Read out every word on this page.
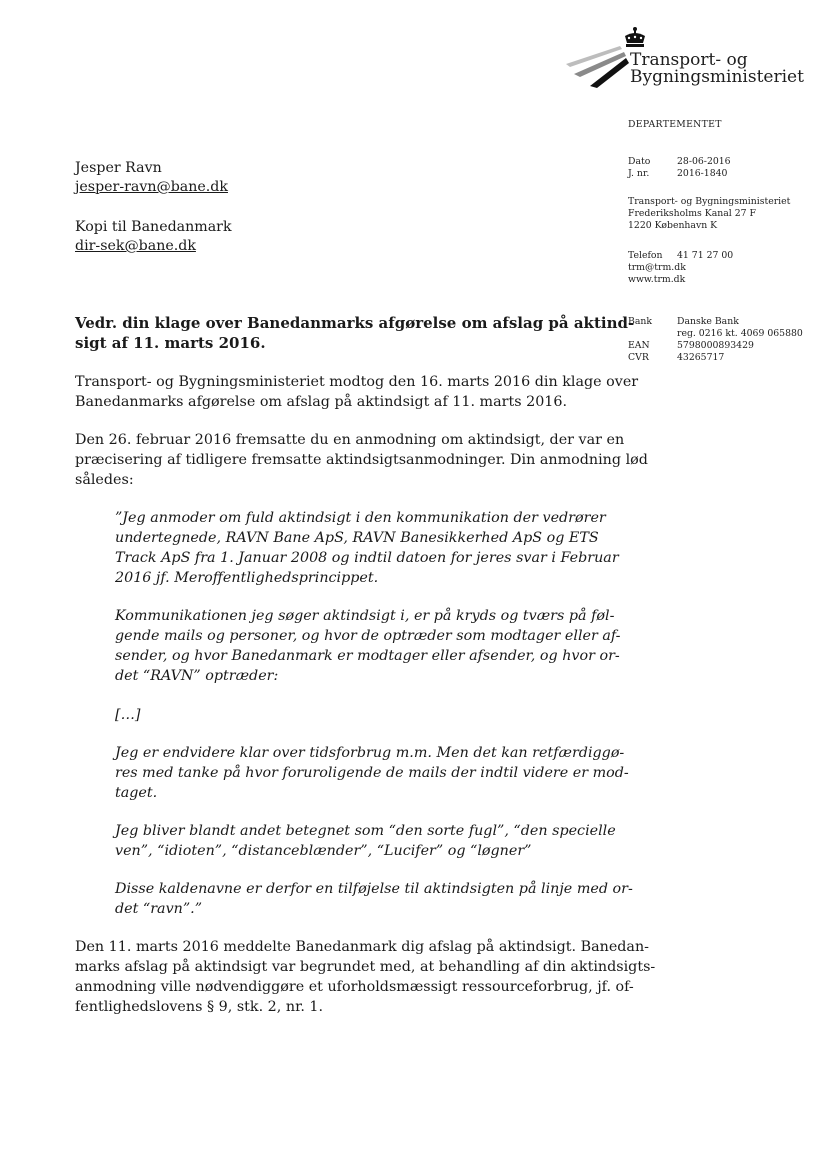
Transport- og
Bygningsministeriet
DEPARTEMENTET
Dato	28-06-2016
J. nr.	2016-1840
Transport- og Bygningsministeriet
Frederiksholms Kanal 27 F
1220 København K
Telefon 41 71 27 00
trm@trm.dk
www.trm.dk
Bank	Danske Bank
reg. 0216 kt. 4069 065880
EAN	5798000893429
CVR	43265717
Jesper Ravn
jesper-ravn@bane.dk
Kopi til Banedanmark
dir-sek@bane.dk
Vedr. din klage over Banedanmarks afgørelse om afslag på aktind-
sigt af 11. marts 2016.
Transport- og Bygningsministeriet modtog den 16. marts 2016 din klage over
Banedanmarks afgørelse om afslag på aktindsigt af 11. marts 2016.
Den 26. februar 2016 fremsatte du en anmodning om aktindsigt, der var en
præcisering af tidligere fremsatte aktindsigtsanmodninger. Din anmodning lød
således:
”Jeg anmoder om fuld aktindsigt i den kommunikation der vedrører
undertegnede, RAVN Bane ApS, RAVN Banesikkerhed ApS og ETS
Track ApS fra 1. Januar 2008 og indtil datoen for jeres svar i Februar
2016 jf. Meroffentlighedsprincippet.
Kommunikationen jeg søger aktindsigt i, er på kryds og tværs på føl-
gende mails og personer, og hvor de optræder som modtager eller af-
sender, og hvor Banedanmark er modtager eller afsender, og hvor or-
det “RAVN” optræder:
[…]
Jeg er endvidere klar over tidsforbrug m.m. Men det kan retfærdiggø-
res med tanke på hvor foruroligende de mails der indtil videre er mod-
taget.
Jeg bliver blandt andet betegnet som “den sorte fugl”, “den specielle
ven”, “idioten”, “distanceblænder”, “Lucifer” og “løgner”
Disse kaldenavne er derfor en tilføjelse til aktindsigten på linje med or-
det “ravn”.”
Den 11. marts 2016 meddelte Banedanmark dig afslag på aktindsigt. Banedan-
marks afslag på aktindsigt var begrundet med, at behandling af din aktindsigts-
anmodning ville nødvendiggøre et uforholdsmæssigt ressourceforbrug, jf. of-
fentlighedslovens § 9, stk. 2, nr. 1.
